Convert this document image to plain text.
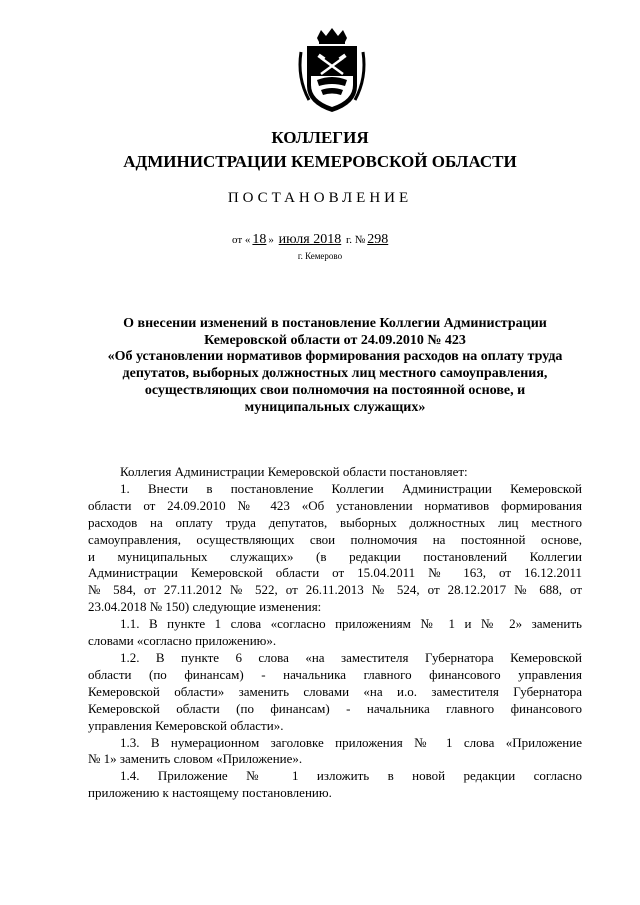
КОЛЛЕГИЯ
АДМИНИСТРАЦИИ КЕМЕРОВСКОЙ ОБЛАСТИ
ПОСТАНОВЛЕНИЕ
от « 18 » июля 2018 г. № 298
г. Кемерово
О внесении изменений в постановление Коллегии Администрации
Кемеровской области от 24.09.2010 № 423
«Об установлении нормативов формирования расходов на оплату труда
депутатов, выборных должностных лиц местного самоуправления,
осуществляющих свои полномочия на постоянной основе, и
муниципальных служащих»

Коллегия Администрации Кемеровской области постановляет:

1. Внести в постановление Коллегии Администрации Кемеровской
области от 24.09.2010 № 423 «Об установлении нормативов формирования
расходов на оплату труда депутатов, выборных должностных лиц местного
самоуправления, осуществляющих свои полномочия на постоянной основе,
и муниципальных служащих» (в редакции постановлений Коллегии
Администрации Кемеровской области от 15.04.2011 № 163, от 16.12.2011
№ 584, от 27.11.2012 № 522, от 26.11.2013 № 524, от 28.12.2017 № 688, от
23.04.2018 № 150) следующие изменения:

1.1. В пункте 1 слова «согласно приложениям № 1 и № 2» заменить
словами «согласно приложению».

1.2. В пункте 6 слова «на заместителя Губернатора Кемеровской
области (по финансам) - начальника главного финансового управления
Кемеровской области» заменить словами «на и.о. заместителя Губернатора
Кемеровской области (по финансам) - начальника главного финансового
управления Кемеровской области».

1.3. В нумерационном заголовке приложения № 1 слова «Приложение
№ 1» заменить словом «Приложение».

1.4. Приложение № 1 изложить в новой редакции согласно
приложению к настоящему постановлению.
